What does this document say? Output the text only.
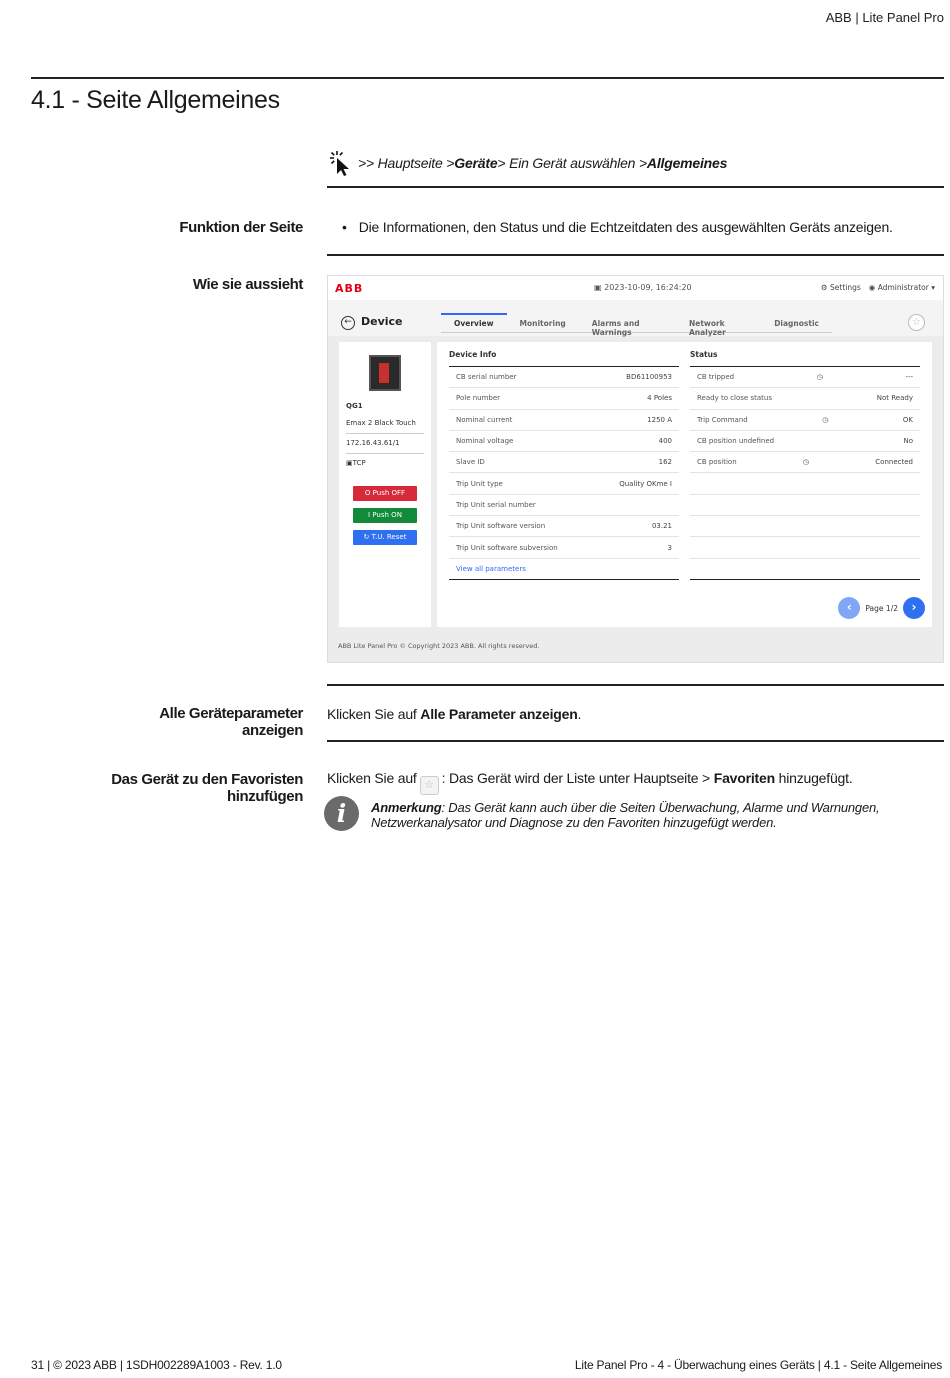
ABB | Lite Panel Pro
4.1 - Seite Allgemeines
>> Hauptseite > Geräte > Ein Gerät auswählen > Allgemeines
Funktion der Seite	• Die Informationen, den Status und die Echtzeitdaten des ausgewählten Geräts anzeigen.
Wie sie aussieht	ABB	▣ 2023-10-09, 16:24:20	⚙ Settings ◉ Administrator ▾
← Device	Overview	Monitoring	Alarms and Warnings
Network Analyzer
Diagnostic	☆
QG1
Emax 2 Black Touch
172.16.43.61/1
▣TCP
O Push OFF
I Push ON
↻ T.U. Reset
Device Info
CB serial number	BD61100953
Pole number	4 Poles
Nominal current	1250 A
Nominal voltage	400
Slave ID	162
Trip Unit type	Quality OKme I
Trip Unit serial number
Trip Unit software version	03.21
Trip Unit software subversion	3
View all parameters
Status
CB tripped	◷	---
Ready to close status	Not Ready
Trip Command	◷	OK
CB position undefined	No
CB position	◷	Connected
‹	Page 1/2	›
ABB Lite Panel Pro © Copyright 2023 ABB. All rights reserved.
Alle Geräteparameter
anzeigen
Klicken Sie auf Alle Parameter anzeigen.
Das Gerät zu den Favoristen
hinzufügen
Klicken Sie auf ☆ : Das Gerät wird der Liste unter Hauptseite > Favoriten hinzugefügt.
i	Anmerkung: Das Gerät kann auch über die Seiten Überwachung, Alarme und Warnungen,
Netzwerkanalysator und Diagnose zu den Favoriten hinzugefügt werden.
31 | © 2023 ABB | 1SDH002289A1003 - Rev. 1.0	Lite Panel Pro - 4 - Überwachung eines Geräts | 4.1 - Seite Allgemeines
